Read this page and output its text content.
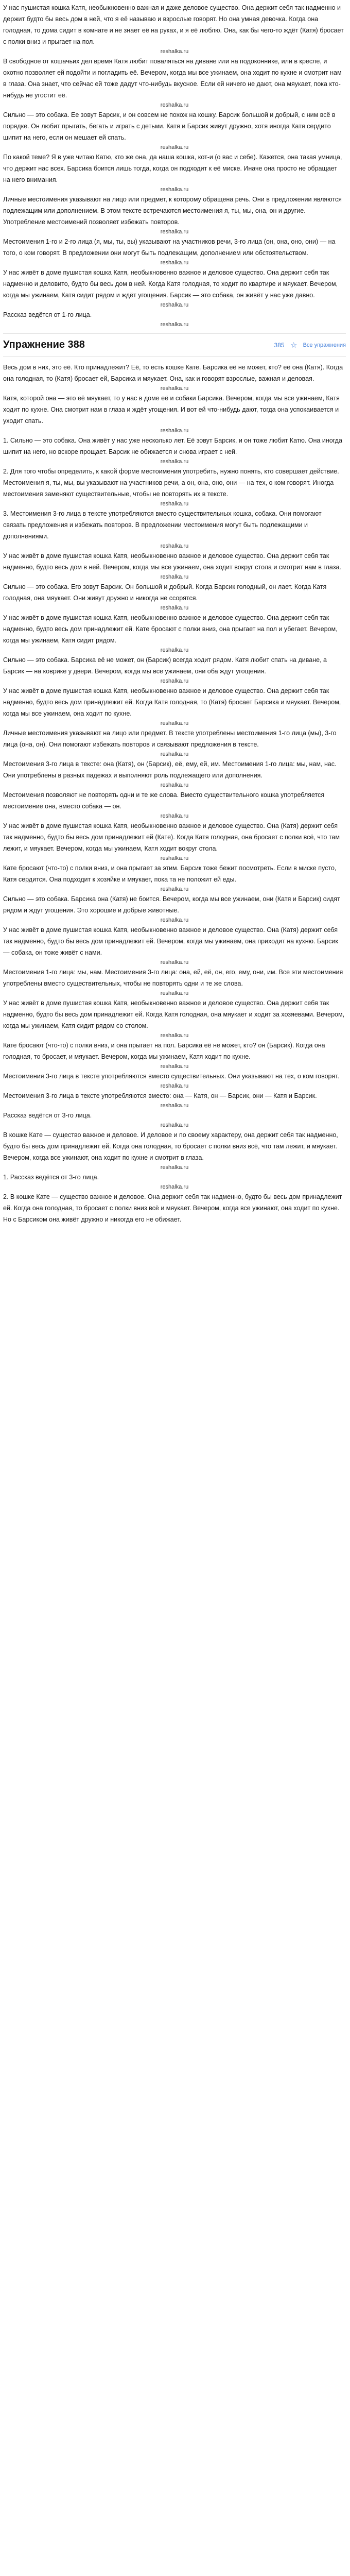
У нас пушистая кошка Катя, необыкновенно важная и даже деловое существо. Она держит себя так надменно и держит будто бы весь дом в ней, что я её называю и взрослые говорят. Но она умная девочка. Когда она голодная, то дома сидит в комнате и не знает её на руках, и я её люблю. Она, как бы чего-то ждёт (Катя) бросает с полки вниз и прыгает на пол.

reshalka.ru

В свободное от кошачьих дел время Катя любит поваляться на диване или на подоконнике, или в кресле, и охотно позволяет ей подойти и погладить её. Вечером, когда мы все ужинаем, она ходит по кухне и смотрит нам в глаза. Она знает, что сейчас ей тоже дадут что-нибудь вкусное. Если ей ничего не дают, она мяукает, пока кто-нибудь не угостит её.

reshalka.ru

Сильно — это собака. Ее зовут Барсик, и он совсем не похож на кошку. Барсик большой и добрый, с ним всё в порядке. Он любит прыгать, бегать и играть с детьми. Катя и Барсик живут дружно, хотя иногда Катя сердито шипит на него, если он мешает ей спать.

reshalka.ru

По какой теме? Я в уже читаю Катю, кто же она, да наша кошка, кот-и (о вас и себе). Кажется, она такая умница, что держит нас всех. Барсика боится лишь тогда, когда он подходит к её миске. Иначе она просто не обращает на него внимания.

reshalka.ru

Личные местоимения указывают на лицо или предмет, к которому обращена речь. Они в предложении являются подлежащим или дополнением. В этом тексте встречаются местоимения я, ты, мы, она, он и другие. Употребление местоимений позволяет избежать повторов.

reshalka.ru

Местоимения 1-го и 2-го лица (я, мы, ты, вы) указывают на участников речи, 3-го лица (он, она, оно, они) — на того, о ком говорят. В предложении они могут быть подлежащим, дополнением или обстоятельством.

reshalka.ru

У нас живёт в доме пушистая кошка Катя, необыкновенно важное и деловое существо. Она держит себя так надменно и деловито, будто бы весь дом в ней. Когда Катя голодная, то ходит по квартире и мяукает. Вечером, когда мы ужинаем, Катя сидит рядом и ждёт угощения. Барсик — это собака, он живёт у нас уже давно.

reshalka.ru

Рассказ ведётся от 1-го лица.

reshalka.ru
Упражнение 388	385 ☆ Все упражнения

Весь дом в них, это её. Кто принадлежит? Её, то есть кошке Кате. Барсика её не может, кто? её она (Катя). Когда она голодная, то (Катя) бросает ей, Барсика и мяукает. Она, как и говорят взрослые, важная и деловая.

reshalka.ru

Катя, которой она — это её мяукает, то у нас в доме её и собаки Барсика. Вечером, когда мы все ужинаем, Катя ходит по кухне. Она смотрит нам в глаза и ждёт угощения. И вот ей что-нибудь дают, тогда она успокаивается и уходит спать.

reshalka.ru

1. Сильно — это собака. Она живёт у нас уже несколько лет. Её зовут Барсик, и он тоже любит Катю. Она иногда шипит на него, но вскоре прощает. Барсик не обижается и снова играет с ней.

reshalka.ru

2. Для того чтобы определить, к какой форме местоимения употребить, нужно понять, кто совершает действие. Местоимения я, ты, мы, вы указывают на участников речи, а он, она, оно, они — на тех, о ком говорят. Иногда местоимения заменяют существительные, чтобы не повторять их в тексте.

reshalka.ru

3. Местоимения 3-го лица в тексте употребляются вместо существительных кошка, собака. Они помогают связать предложения и избежать повторов. В предложении местоимения могут быть подлежащими и дополнениями.

reshalka.ru

У нас живёт в доме пушистая кошка Катя, необыкновенно важное и деловое существо. Она держит себя так надменно, будто весь дом в ней. Вечером, когда мы все ужинаем, она ходит вокруг стола и смотрит нам в глаза.

reshalka.ru

Сильно — это собака. Его зовут Барсик. Он большой и добрый. Когда Барсик голодный, он лает. Когда Катя голодная, она мяукает. Они живут дружно и никогда не ссорятся.

reshalka.ru

У нас живёт в доме пушистая кошка Катя, необыкновенно важное и деловое существо. Она держит себя так надменно, будто весь дом принадлежит ей. Кате бросают с полки вниз, она прыгает на пол и убегает. Вечером, когда мы ужинаем, Катя сидит рядом.

reshalka.ru

Сильно — это собака. Барсика её не может, он (Барсик) всегда ходит рядом. Катя любит спать на диване, а Барсик — на коврике у двери. Вечером, когда мы все ужинаем, они оба ждут угощения.

reshalka.ru

У нас живёт в доме пушистая кошка Катя, необыкновенно важное и деловое существо. Она держит себя так надменно, будто весь дом принадлежит ей. Когда Катя голодная, то (Катя) бросает Барсика и мяукает. Вечером, когда мы все ужинаем, она ходит по кухне.

reshalka.ru

Личные местоимения указывают на лицо или предмет. В тексте употреблены местоимения 1-го лица (мы), 3-го лица (она, он). Они помогают избежать повторов и связывают предложения в тексте.

reshalka.ru

Местоимения 3-го лица в тексте: она (Катя), он (Барсик), её, ему, ей, им. Местоимения 1-го лица: мы, нам, нас. Они употреблены в разных падежах и выполняют роль подлежащего или дополнения.

reshalka.ru

Местоимения позволяют не повторять одни и те же слова. Вместо существительного кошка употребляется местоимение она, вместо собака — он.

reshalka.ru

У нас живёт в доме пушистая кошка Катя, необыкновенно важное и деловое существо. Она (Катя) держит себя так надменно, будто бы весь дом принадлежит ей (Кате). Когда Катя голодная, она бросает с полки всё, что там лежит, и мяукает. Вечером, когда мы ужинаем, Катя ходит вокруг стола.

reshalka.ru

Кате бросают (что-то) с полки вниз, и она прыгает за этим. Барсик тоже бежит посмотреть. Если в миске пусто, Катя сердится. Она подходит к хозяйке и мяукает, пока та не положит ей еды.

reshalka.ru

Сильно — это собака. Барсика она (Катя) не боится. Вечером, когда мы все ужинаем, они (Катя и Барсик) сидят рядом и ждут угощения. Это хорошие и добрые животные.

reshalka.ru

У нас живёт в доме пушистая кошка Катя, необыкновенно важное и деловое существо. Она (Катя) держит себя так надменно, будто бы весь дом принадлежит ей. Вечером, когда мы ужинаем, она приходит на кухню. Барсик — собака, он тоже живёт с нами.

reshalka.ru

Местоимения 1-го лица: мы, нам. Местоимения 3-го лица: она, ей, её, он, его, ему, они, им. Все эти местоимения употреблены вместо существительных, чтобы не повторять одни и те же слова.

reshalka.ru

У нас живёт в доме пушистая кошка Катя, необыкновенно важное и деловое существо. Она держит себя так надменно, будто бы весь дом принадлежит ей. Когда Катя голодная, она мяукает и ходит за хозяевами. Вечером, когда мы ужинаем, Катя сидит рядом со столом.

reshalka.ru

Кате бросают (что-то) с полки вниз, и она прыгает на пол. Барсика её не может, кто? он (Барсик). Когда она голодная, то бросает, и мяукает. Вечером, когда мы ужинаем, Катя ходит по кухне.

reshalka.ru

Местоимения 3-го лица в тексте употребляются вместо существительных. Они указывают на тех, о ком говорят.

reshalka.ru

Местоимения 3-го лица в тексте употребляются вместо: она — Катя, он — Барсик, они — Катя и Барсик.

reshalka.ru

Рассказ ведётся от 3-го лица.

reshalka.ru

В кошке Кате — существо важное и деловое. И деловое и по своему характеру, она держит себя так надменно, будто бы весь дом принадлежит ей. Когда она голодная, то бросает с полки вниз всё, что там лежит, и мяукает. Вечером, когда все ужинают, она ходит по кухне и смотрит в глаза.

reshalka.ru

1. Рассказ ведётся от 3-го лица.

reshalka.ru

2. В кошке Кате — существо важное и деловое. Она держит себя так надменно, будто бы весь дом принадлежит ей. Когда она голодная, то бросает с полки вниз всё и мяукает. Вечером, когда все ужинают, она ходит по кухне. Но с Барсиком она живёт дружно и никогда его не обижает.
